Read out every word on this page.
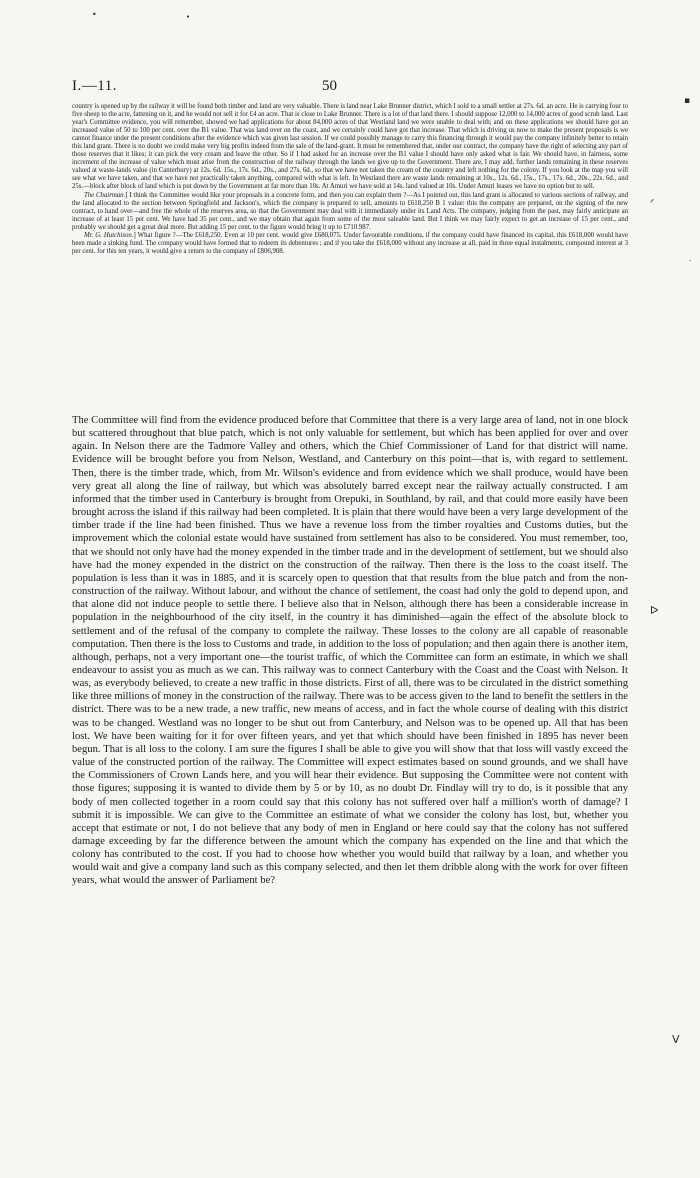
•	•
▪
ᐟ
˙
ᐅ
ᐯ
I.—11.	50

country is opened up by the railway it will be found both timber and land are very valuable. There is land near Lake Brunner district, which I sold to a small settler at 27s. 6d. an acre. He is carrying four to five sheep to the acre, fattening on it, and he would not sell it for £4 an acre. That is close to Lake Brunner. There is a lot of that land there. I should suppose 12,000 to 14,000 acres of good scrub land. Last year's Committee evidence, you will remember, showed we had applications for about 84,000 acres of that Westland land we were unable to deal with; and on these applications we should have got an increased value of 50 to 100 per cent. over the B1 value. That was land over on the coast, and we certainly could have got that increase. That which is driving us now to make the present proposals is we cannot finance under the present conditions after the evidence which was given last session. If we could possibly manage to carry this financing through it would pay the company infinitely better to retain this land grant. There is no doubt we could make very big profits indeed from the sale of the land-grant. It must be remembered that, under our contract, the company have the right of selecting any part of those reserves that it likes; it can pick the very cream and leave the other. So if I had asked for an increase over the B1 value I should have only asked what is fair. We should have, in fairness, some increment of the increase of value which must arise from the construction of the railway through the lands we give up to the Government. There are, I may add, further lands remaining in these reserves valued at waste-lands value (in Canterbury) at 12s. 6d. 15s., 17s. 6d., 20s., and 27s. 6d., so that we have not taken the cream of the country and left nothing for the colony. If you look at the map you will see what we have taken, and that we have not practically taken anything, compared with what is left. In Westland there are waste lands remaining at 10s., 12s. 6d., 15s., 17s., 17s. 6d., 20s., 22s. 6d., and 25s.—block after block of land which is put down by the Government at far more than 10s. At Amuri we have sold at 14s. land valued at 10s. Under Amuri leases we have no option but to sell.

The Chairman.] I think the Committee would like your proposals in a concrete form, and then you can explain them ?—As I pointed out, this land grant is allocated to various sections of railway, and the land allocated to the section between Springfield and Jackson's, which the company is prepared to sell, amounts to £618,250 B 1 value: this the company are prepared, on the signing of the new contract, to hand over—and free the whole of the reserves area, so that the Government may deal with it immediately under its Land Acts. The company, judging from the past, may fairly anticipate an increase of at least 15 per cent. We have had 35 per cent., and we may obtain that again from some of the most saleable land. But I think we may fairly expect to get an increase of 15 per cent., and probably we should get a great deal more. But adding 15 per cent. to the figure would bring it up to £710.987.

Mr. G. Hutchison.] What figure ?—The £618,250. Even at 10 per cent. would give £680,075. Under favourable conditions, if the company could have financed its capital, this £618,000 would have been made a sinking fund. The company would have formed that to redeem its debentures ; and if you take the £618,000 without any increase at all, paid in three equal instalments, compound interest at 3 per cent. for this ten years, it would give a return to the company of £806,908.

The Committee will find from the evidence produced before that Committee that there is a very large area of land, not in one block but scattered throughout that blue patch, which is not only valuable for settlement, but which has been applied for over and over again. In Nelson there are the Tadmore Valley and others, which the Chief Commissioner of Land for that district will name. Evidence will be brought before you from Nelson, Westland, and Canterbury on this point—that is, with regard to settlement. Then, there is the timber trade, which, from Mr. Wilson's evidence and from evidence which we shall produce, would have been very great all along the line of railway, but which was absolutely barred except near the railway actually constructed. I am informed that the timber used in Canterbury is brought from Orepuki, in Southland, by rail, and that could more easily have been brought across the island if this railway had been completed. It is plain that there would have been a very large development of the timber trade if the line had been finished. Thus we have a revenue loss from the timber royalties and Customs duties, but the improvement which the colonial estate would have sustained from settlement has also to be considered. You must remember, too, that we should not only have had the money expended in the timber trade and in the development of settlement, but we should also have had the money expended in the district on the construction of the railway. Then there is the loss to the coast itself. The population is less than it was in 1885, and it is scarcely open to question that that results from the blue patch and from the non-construction of the railway. Without labour, and without the chance of settlement, the coast had only the gold to depend upon, and that alone did not induce people to settle there. I believe also that in Nelson, although there has been a considerable increase in population in the neighbourhood of the city itself, in the country it has diminished—again the effect of the absolute block to settlement and of the refusal of the company to complete the railway. These losses to the colony are all capable of reasonable computation. Then there is the loss to Customs and trade, in addition to the loss of population; and then again there is another item, although, perhaps, not a very important one—the tourist traffic, of which the Committee can form an estimate, in which we shall endeavour to assist you as much as we can. This railway was to connect Canterbury with the Coast and the Coast with Nelson. It was, as everybody believed, to create a new traffic in those districts. First of all, there was to be circulated in the district something like three millions of money in the construction of the railway. There was to be access given to the land to benefit the settlers in the district. There was to be a new trade, a new traffic, new means of access, and in fact the whole course of dealing with this district was to be changed. Westland was no longer to be shut out from Canterbury, and Nelson was to be opened up. All that has been lost. We have been waiting for it for over fifteen years, and yet that which should have been finished in 1895 has never been begun. That is all loss to the colony. I am sure the figures I shall be able to give you will show that that loss will vastly exceed the value of the constructed portion of the railway. The Committee will expect estimates based on sound grounds, and we shall have the Commissioners of Crown Lands here, and you will hear their evidence. But supposing the Committee were not content with those figures; supposing it is wanted to divide them by 5 or by 10, as no doubt Dr. Findlay will try to do, is it possible that any body of men collected together in a room could say that this colony has not suffered over half a million's worth of damage? I submit it is impossible. We can give to the Committee an estimate of what we consider the colony has lost, but, whether you accept that estimate or not, I do not believe that any body of men in England or here could say that the colony has not suffered damage exceeding by far the difference between the amount which the company has expended on the line and that which the colony has contributed to the cost. If you had to choose how whether you would build that railway by a loan, and whether you would wait and give a company land such as this company selected, and then let them dribble along with the work for over fifteen years, what would the answer of Parliament be?
